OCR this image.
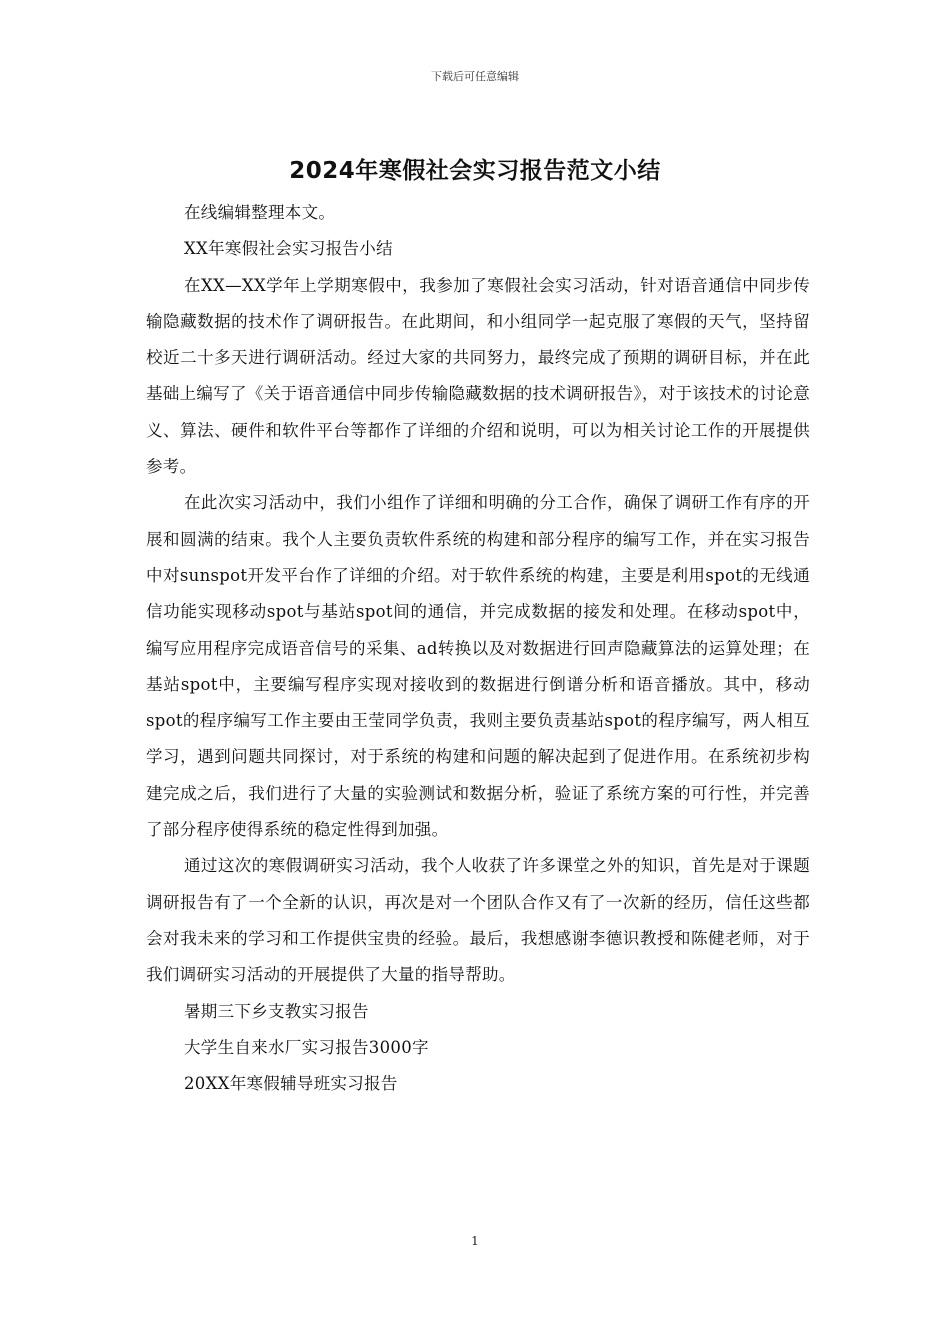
下载后可任意编辑
2024年寒假社会实习报告范文小结

在线编辑整理本文。

XX年寒假社会实习报告小结

在XX—XX学年上学期寒假中，我参加了寒假社会实习活动，针对语音通信中同步传输隐藏数据的技术作了调研报告。在此期间，和小组同学一起克服了寒假的天气，坚持留校近二十多天进行调研活动。经过大家的共同努力，最终完成了预期的调研目标，并在此基础上编写了《关于语音通信中同步传输隐藏数据的技术调研报告》，对于该技术的讨论意义、算法、硬件和软件平台等都作了详细的介绍和说明，可以为相关讨论工作的开展提供参考。

在此次实习活动中，我们小组作了详细和明确的分工合作，确保了调研工作有序的开展和圆满的结束。我个人主要负责软件系统的构建和部分程序的编写工作，并在实习报告中对sunspot开发平台作了详细的介绍。对于软件系统的构建，主要是利用spot的无线通信功能实现移动spot与基站spot间的通信，并完成数据的接发和处理。在移动spot中，编写应用程序完成语音信号的采集、ad转换以及对数据进行回声隐藏算法的运算处理；在基站spot中，主要编写程序实现对接收到的数据进行倒谱分析和语音播放。其中，移动spot的程序编写工作主要由王莹同学负责，我则主要负责基站spot的程序编写，两人相互学习，遇到问题共同探讨，对于系统的构建和问题的解决起到了促进作用。在系统初步构建完成之后，我们进行了大量的实验测试和数据分析，验证了系统方案的可行性，并完善了部分程序使得系统的稳定性得到加强。

通过这次的寒假调研实习活动，我个人收获了许多课堂之外的知识，首先是对于课题调研报告有了一个全新的认识，再次是对一个团队合作又有了一次新的经历，信任这些都会对我未来的学习和工作提供宝贵的经验。最后，我想感谢李德识教授和陈健老师，对于我们调研实习活动的开展提供了大量的指导帮助。

暑期三下乡支教实习报告

大学生自来水厂实习报告3000字

20XX年寒假辅导班实习报告

1
